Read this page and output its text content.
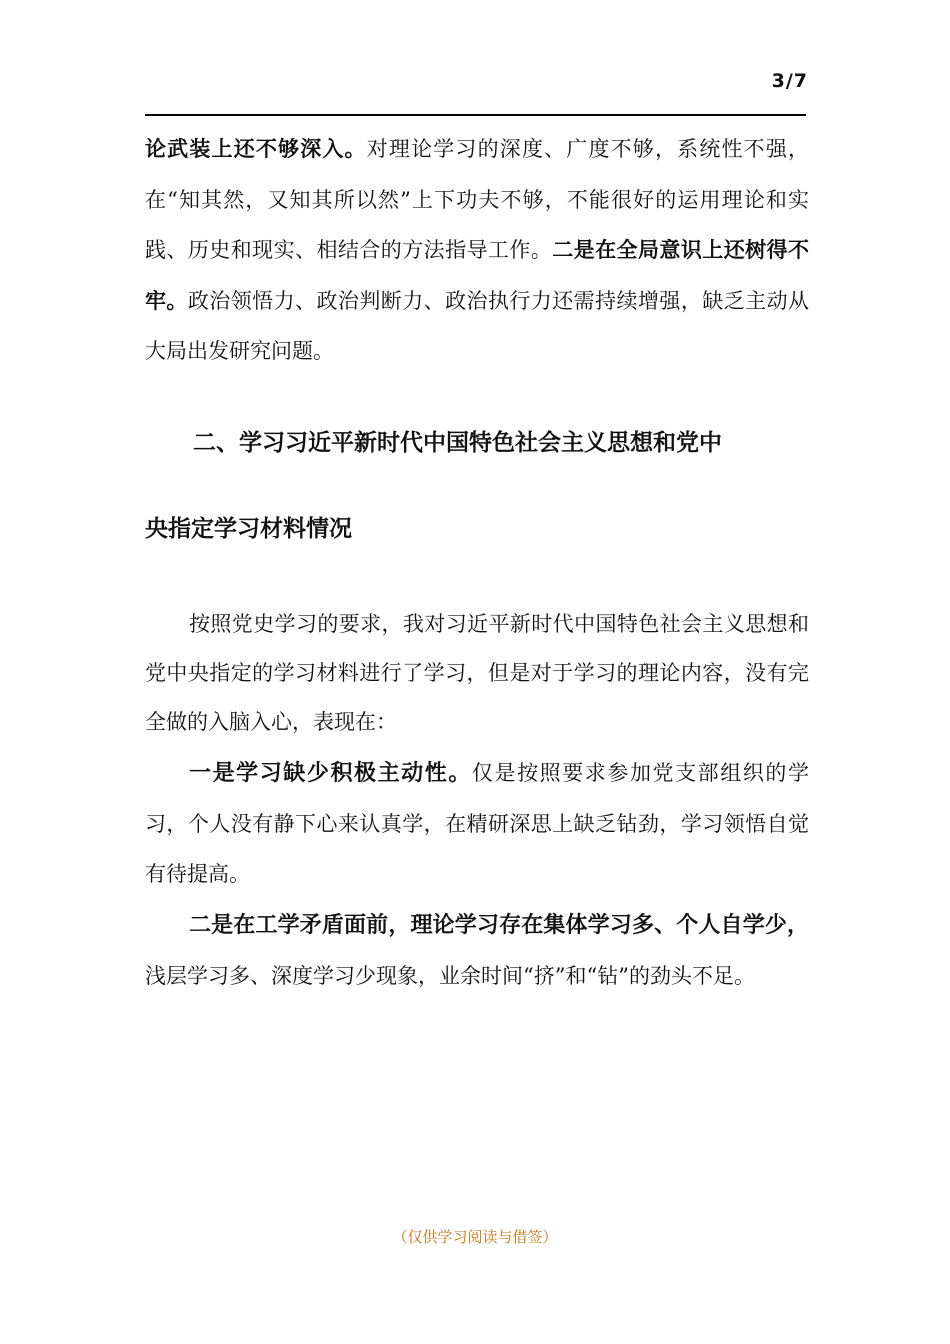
3/7

论武装上还不够深入。对理论学习的深度、广度不够，系统性不强，在“知其然，又知其所以然”上下功夫不够，不能很好的运用理论和实践、历史和现实、相结合的方法指导工作。二是在全局意识上还树得不牢。政治领悟力、政治判断力、政治执行力还需持续增强，缺乏主动从大局出发研究问题。

二、学习习近平新时代中国特色社会主义思想和党中
央指定学习材料情况

按照党史学习的要求，我对习近平新时代中国特色社会主义思想和党中央指定的学习材料进行了学习，但是对于学习的理论内容，没有完全做的入脑入心，表现在：

一是学习缺少积极主动性。仅是按照要求参加党支部组织的学习，个人没有静下心来认真学，在精研深思上缺乏钻劲，学习领悟自觉有待提高。

二是在工学矛盾面前，理论学习存在集体学习多、个人自学少，浅层学习多、深度学习少现象，业余时间“挤”和“钻”的劲头不足。

（仅供学习阅读与借签）
